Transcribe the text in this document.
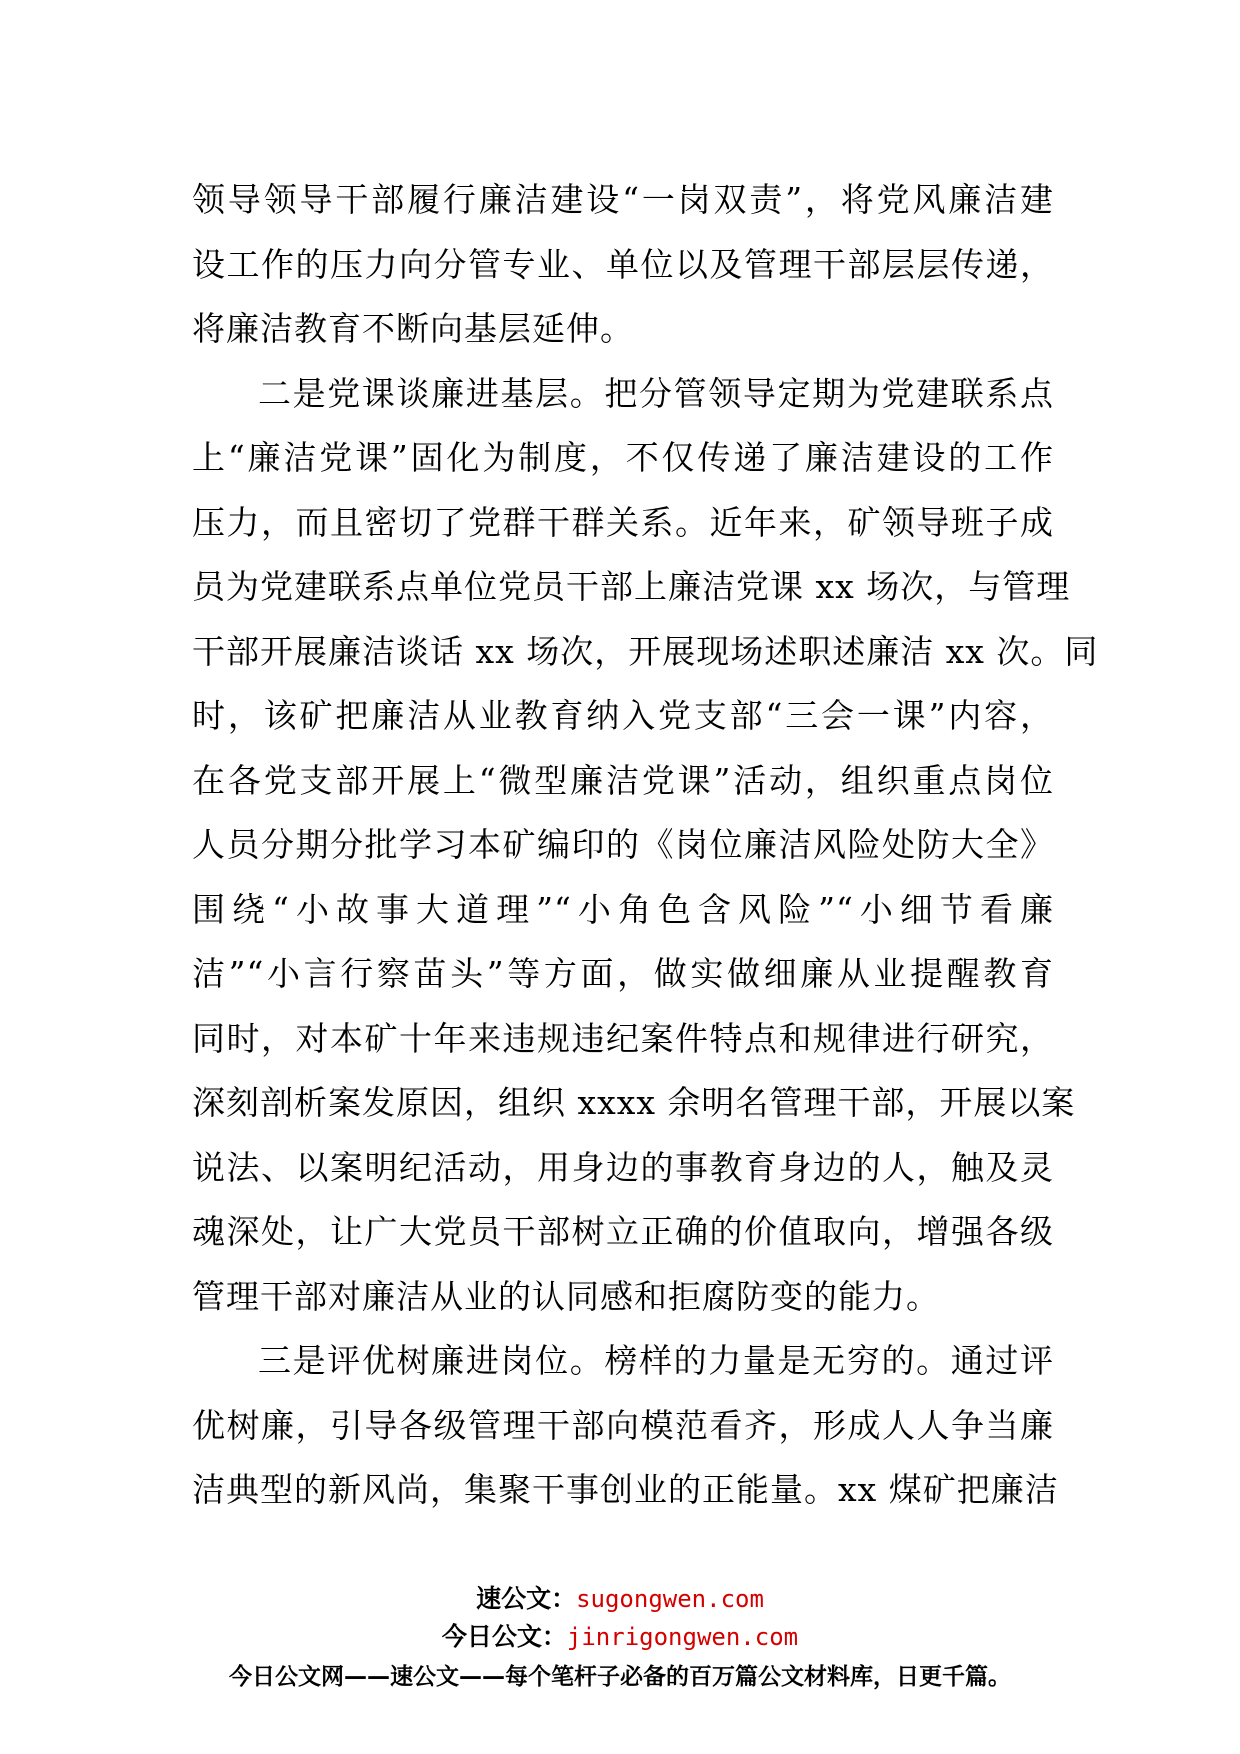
领导领导干部履行廉洁建设“一岗双责”，将党风廉洁建
设工作的压力向分管专业、单位以及管理干部层层传递，
将廉洁教育不断向基层延伸。
二是党课谈廉进基层。把分管领导定期为党建联系点
上“廉洁党课”固化为制度，不仅传递了廉洁建设的工作
压力，而且密切了党群干群关系。近年来，矿领导班子成
员为党建联系点单位党员干部上廉洁党课 xx 场次，与管理
干部开展廉洁谈话 xx 场次，开展现场述职述廉洁 xx 次。同
时，该矿把廉洁从业教育纳入党支部“三会一课”内容，
在各党支部开展上“微型廉洁党课”活动，组织重点岗位
人员分期分批学习本矿编印的《岗位廉洁风险处防大全》
围绕“小故事大道理”“小角色含风险”“小细节看廉
洁”“小言行察苗头”等方面，做实做细廉从业提醒教育
同时，对本矿十年来违规违纪案件特点和规律进行研究，
深刻剖析案发原因，组织 xxxx 余明名管理干部，开展以案
说法、以案明纪活动，用身边的事教育身边的人，触及灵
魂深处，让广大党员干部树立正确的价值取向，增强各级
管理干部对廉洁从业的认同感和拒腐防变的能力。
三是评优树廉进岗位。榜样的力量是无穷的。通过评
优树廉，引导各级管理干部向模范看齐，形成人人争当廉
洁典型的新风尚，集聚干事创业的正能量。xx 煤矿把廉洁
速公文：sugongwen.com
今日公文：jinrigongwen.com
今日公文网——速公文——每个笔杆子必备的百万篇公文材料库，日更千篇。
